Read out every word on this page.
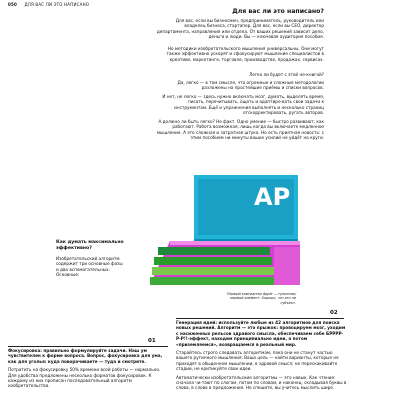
050 ДЛЯ ВАС ЛИ ЭТО НАПИСАНО
Для вас ли это написано?
Для вас, если вы бизнесмен, предприниматель, руководитель или владелец бизнеса, стартапер. Для вас, если вы CEO, директор департамента, направления или отдела. От ваших решений зависит дело, деньги и люди. Вы — ключевая аудитория пособия.
Но методики изобретательского мышления универсальны. Они могут также эффективно ускорят и сфокусируют мышление специалистов в креативе, маркетинге, торговле, производстве, продажах, сервисах.
Легко ли будет с этой не-книгой?
Да, легко — в том смысле, что огромные и сложные методологии разложены на простейшие приёмы и списки вопросов.
И нет, не легко — здесь нужно включать мозг, думать, выделять время, писать, перечитывать, ощать и адаптиро-вать свои задачи к инструментам. Ещё и упражнения выполнять и несколько страниц отскорректировать, ругать авторов.
А должно ли быть легко? Не факт. Одно умение — быстро развивают, как работают. Работа возможная, лишь когда вы включаете медленное мышление. А это сложная и затратная штука. Но есть приятная новость: с этим пособием ни минуты ваших усилий не уйдёт на круги.
AP
Первый компьютер Apple — тульпник/ первый элемент. Хорошо, что это не субъект.
Как думать максимально эффективно?
Изобретательский алгоритм содержит три основные фазы и два вспомогательных. Основные:
02

Генерация идей: используйте любые из 42 алгоритмов для поиска новых решений. Алгоритм — это прыжок: провоцируем мозг, уходим с насиженных рельсов здравого смысла, обеспечиваем себе БРРРР-Р-Р!!-эффект, находим принципиально идеи, а потом «приземляемся», возвращаемся в реальный мир.

Старайтесь строго следовать алгоритмам, пока они не станут частью вашего рутинного мышления. Ваша цель — найти варианты, которые не приходят в обыденном мышлении, в здравой смысл; не перескакивайте стадии, не критикуйте свои идеи.

Автоматически изобретательские алгоритмы — это навык. Как чтение: сначала чи-тают по слогам, потом по словам, и наконец, складывая буквы в слова, в слова в предложения. Не спешите, вы учитесь мыслить шире.

01

Фокусировка: правильно формулируйте задачи. Наш ум чувствителен к форме вопроса. Вопрос, фокусировка для ума, как для уголья: куда поворачиваете — туда и смотрите.

Потратить на фокусировку 50% времени всей работы — нормально. Для удобства предложены несколько форматов фокусировок. К каждому из них прописан последовательный алгоритм изобретательства.
